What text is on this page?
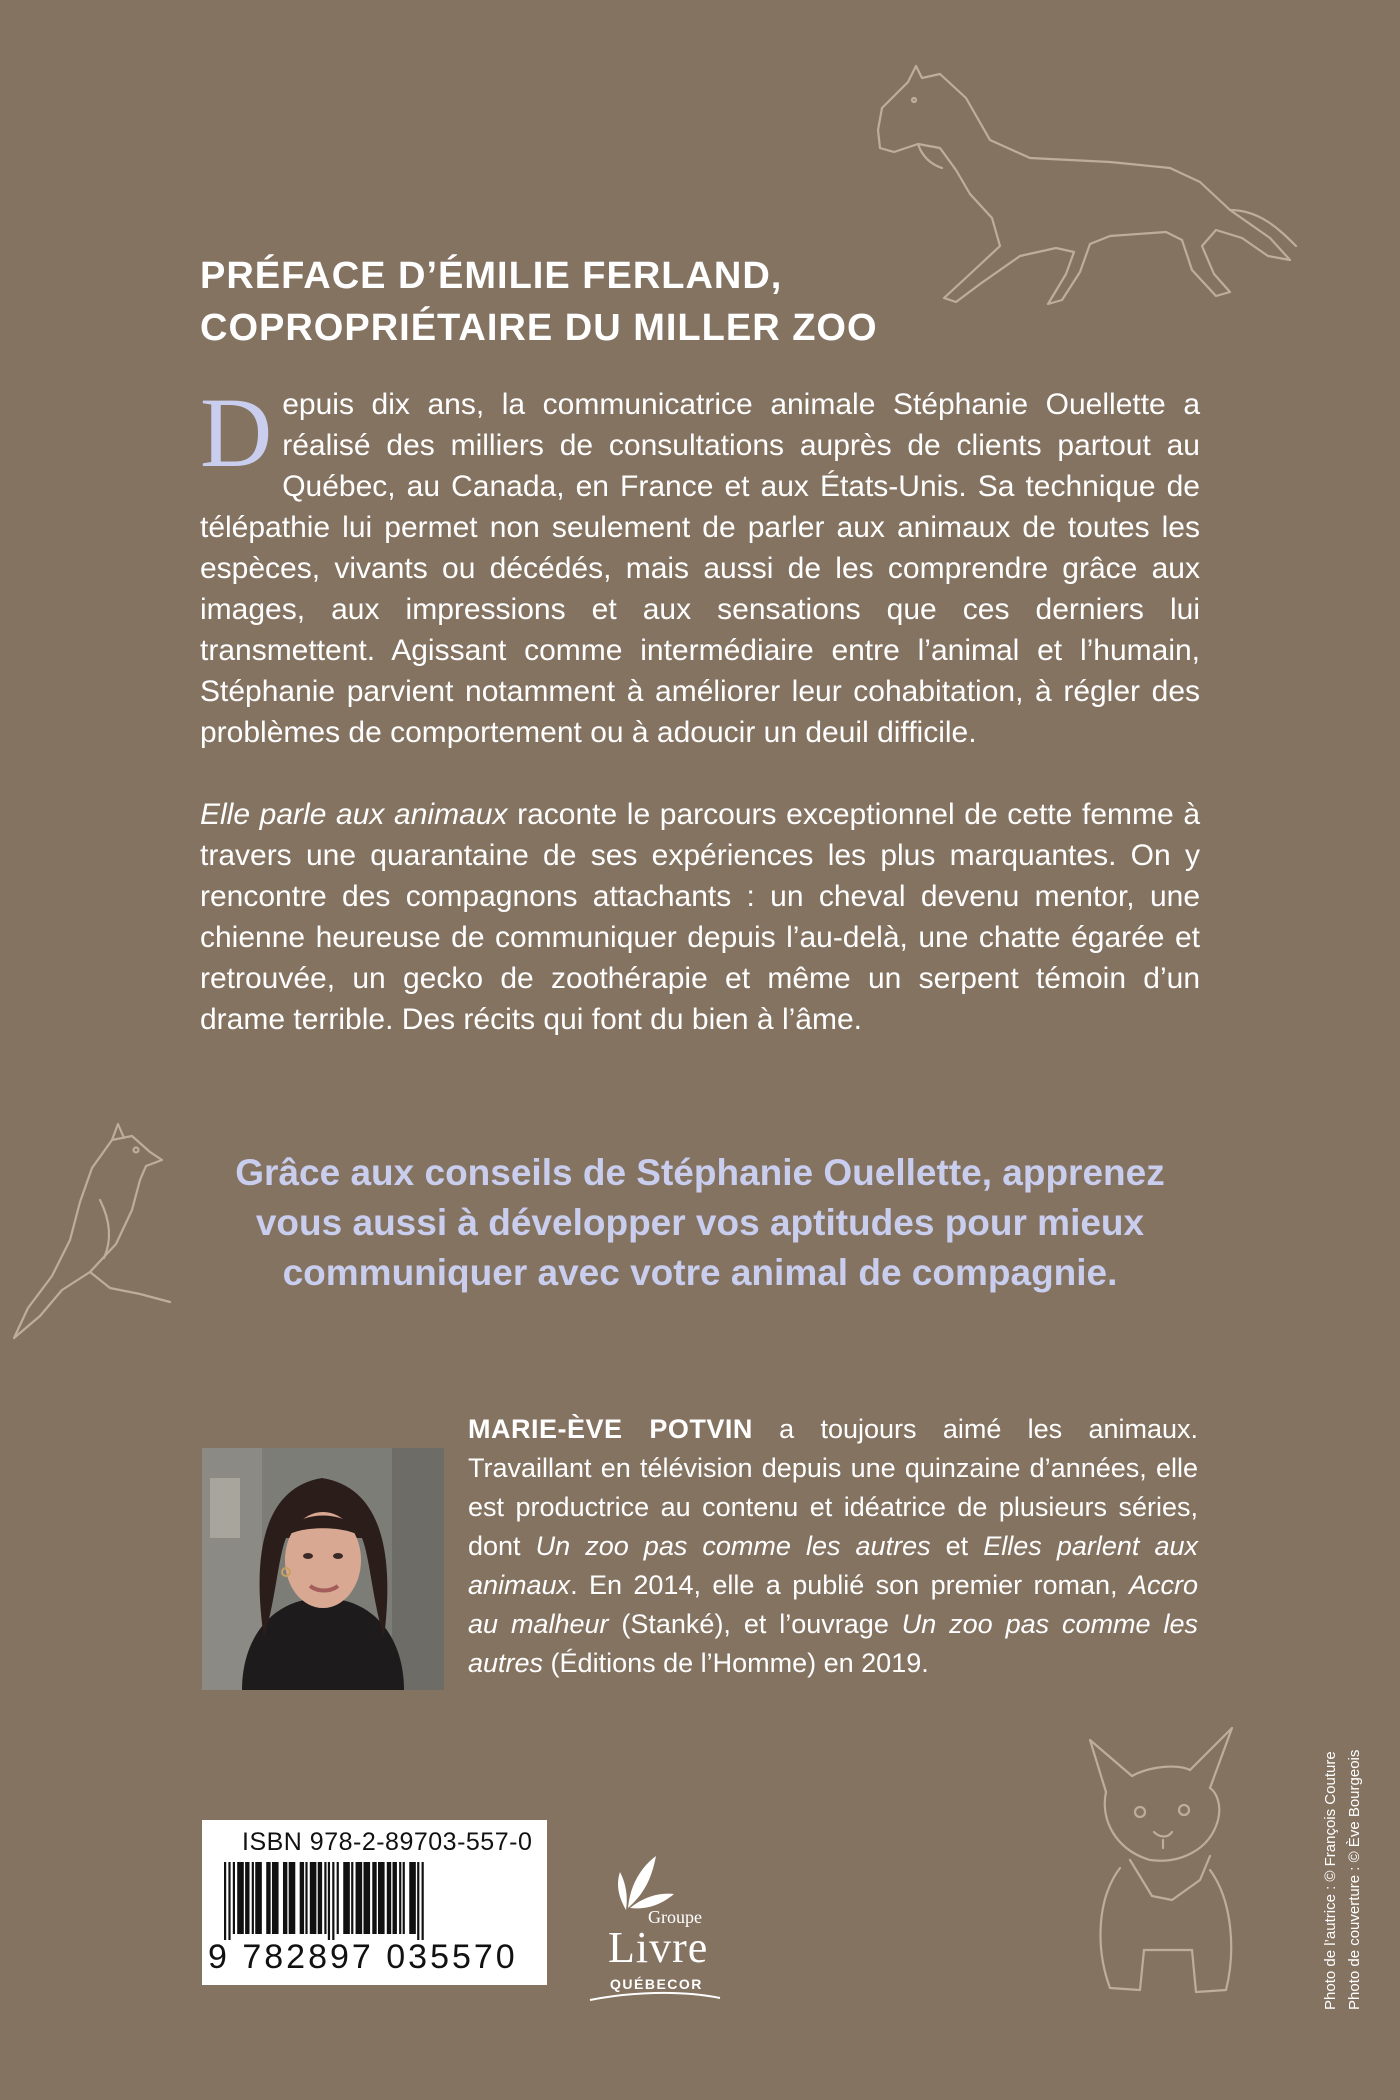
PRÉFACE D’ÉMILIE FERLAND,
COPROPRIÉTAIRE DU MILLER ZOO
Depuis dix ans, la communicatrice animale Stéphanie Ouellette a réalisé des milliers de consultations auprès de clients partout au Québec, au Canada, en France et aux États-Unis. Sa technique de télépathie lui permet non seulement de parler aux animaux de toutes les espèces, vivants ou décédés, mais aussi de les comprendre grâce aux images, aux impressions et aux sensations que ces derniers lui transmettent. Agissant comme intermédiaire entre l’animal et l’humain, Stéphanie parvient notamment à améliorer leur cohabitation, à régler des problèmes de comportement ou à adoucir un deuil difficile.
Elle parle aux animaux raconte le parcours exceptionnel de cette femme à travers une quarantaine de ses expériences les plus marquantes. On y rencontre des compagnons attachants : un cheval devenu mentor, une chienne heureuse de communiquer depuis l’au-delà, une chatte égarée et retrouvée, un gecko de zoothérapie et même un serpent témoin d’un drame terrible. Des récits qui font du bien à l’âme.
Grâce aux conseils de Stéphanie Ouellette, apprenez
vous aussi à développer vos aptitudes pour mieux
communiquer avec votre animal de compagnie.
MARIE-ÈVE POTVIN a toujours aimé les animaux. Travaillant en télévision depuis une quinzaine d’années, elle est productrice au contenu et idéatrice de plusieurs séries, dont Un zoo pas comme les autres et Elles parlent aux animaux. En 2014, elle a publié son premier roman, Accro au malheur (Stanké), et l’ouvrage Un zoo pas comme les autres (Éditions de l’Homme) en 2019.
ISBN 978-2-89703-557-0
9 782897 035570
Groupe
Livre
QUÉBECOR	Photo de l’autrice : © François Couture Photo de couverture : © Ève Bourgeois
